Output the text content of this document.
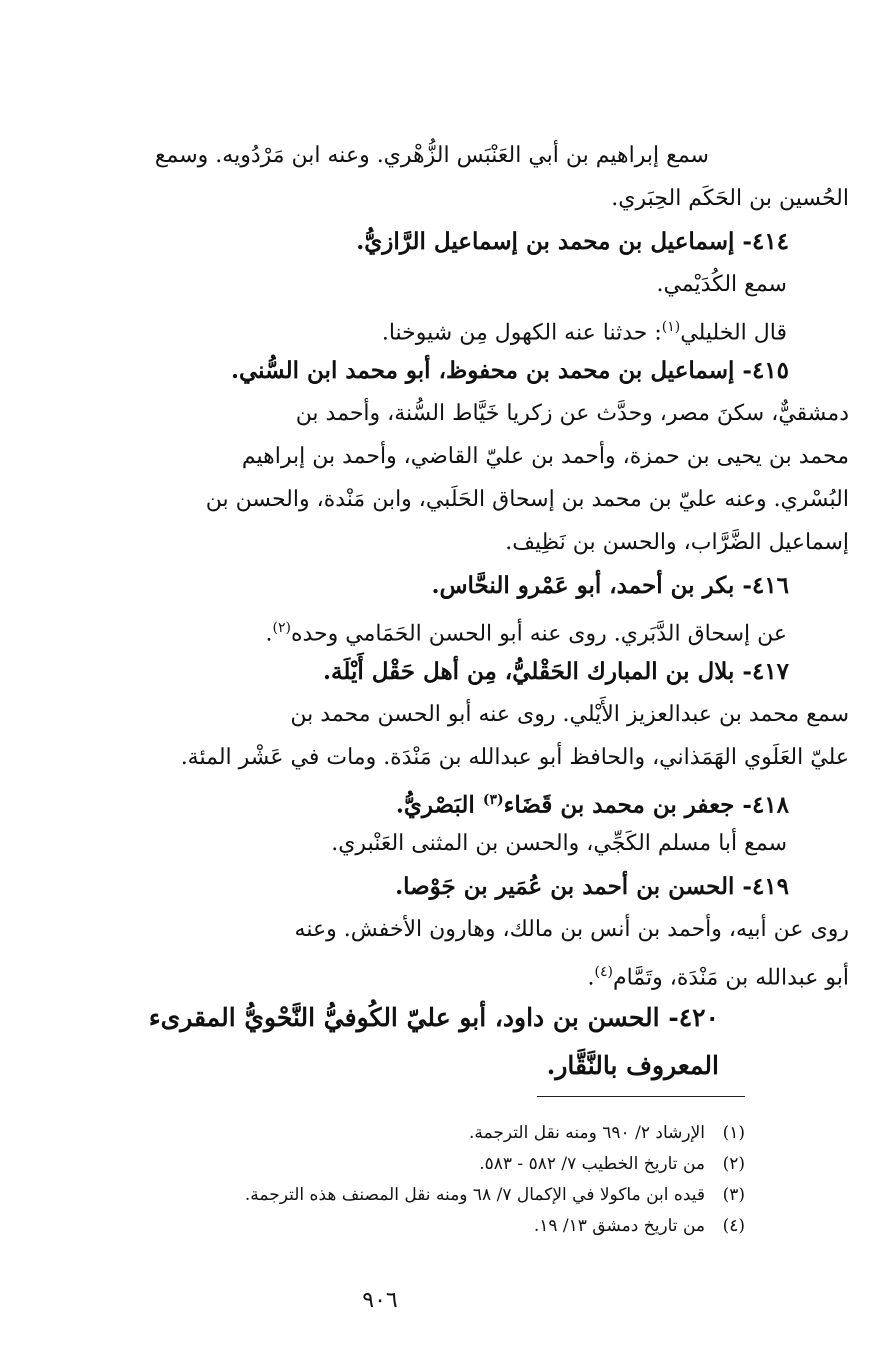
سمع إبراهيم بن أبي العَنْبَس الزُّهْري. وعنه ابن مَرْدُويه. وسمع
الحُسين بن الحَكَم الحِبَري.
٤١٤- إسماعيل بن محمد بن إسماعيل الرَّازيُّ.
سمع الكُدَيْمي.
قال الخليلي$^{(١)}$: حدثنا عنه الكهول مِن شيوخنا.
٤١٥- إسماعيل بن محمد بن محفوظ، أبو محمد ابن السُّني.
دمشقيٌّ، سكنَ مصر، وحدَّث عن زكريا خَيَّاط السُّنة، وأحمد بن
محمد بن يحيى بن حمزة، وأحمد بن عليّ القاضي، وأحمد بن إبراهيم
البُسْري. وعنه عليّ بن محمد بن إسحاق الحَلَبي، وابن مَنْدة، والحسن بن
إسماعيل الضَّرَّاب، والحسن بن نَظِيف.
٤١٦- بكر بن أحمد، أبو عَمْرو النحَّاس.
عن إسحاق الدَّبَري. روى عنه أبو الحسن الحَمَامي وحده$^{(٢)}$.
٤١٧- بلال بن المبارك الحَقْليُّ، مِن أهل حَقْل أَيْلَة.
سمع محمد بن عبدالعزيز الأَيْلي. روى عنه أبو الحسن محمد بن
عليّ العَلَوي الهَمَذاني، والحافظ أبو عبدالله بن مَنْدَة. ومات في عَشْر المئة.
٤١٨- جعفر بن محمد بن قَضَاء$^{(٣)}$ البَصْريُّ.
سمع أبا مسلم الكَجِّي، والحسن بن المثنى العَنْبري.
٤١٩- الحسن بن أحمد بن عُمَير بن جَوْصا.
روى عن أبيه، وأحمد بن أنس بن مالك، وهارون الأخفش. وعنه
أبو عبدالله بن مَنْدَة، وتَمَّام$^{(٤)}$.
٤٢٠- الحسن بن داود، أبو عليّ الكُوفيُّ النَّحْويُّ المقرىء
المعروف بالنَّقَّار.
(١)الإرشاد ٢/ ٦٩٠ ومنه نقل الترجمة.
(٢)من تاريخ الخطيب ٧/ ٥٨٢ - ٥٨٣.
(٣)قيده ابن ماكولا في الإكمال ٧/ ٦٨ ومنه نقل المصنف هذه الترجمة.
(٤)من تاريخ دمشق ١٣/ ١٩.
٩٠٦
